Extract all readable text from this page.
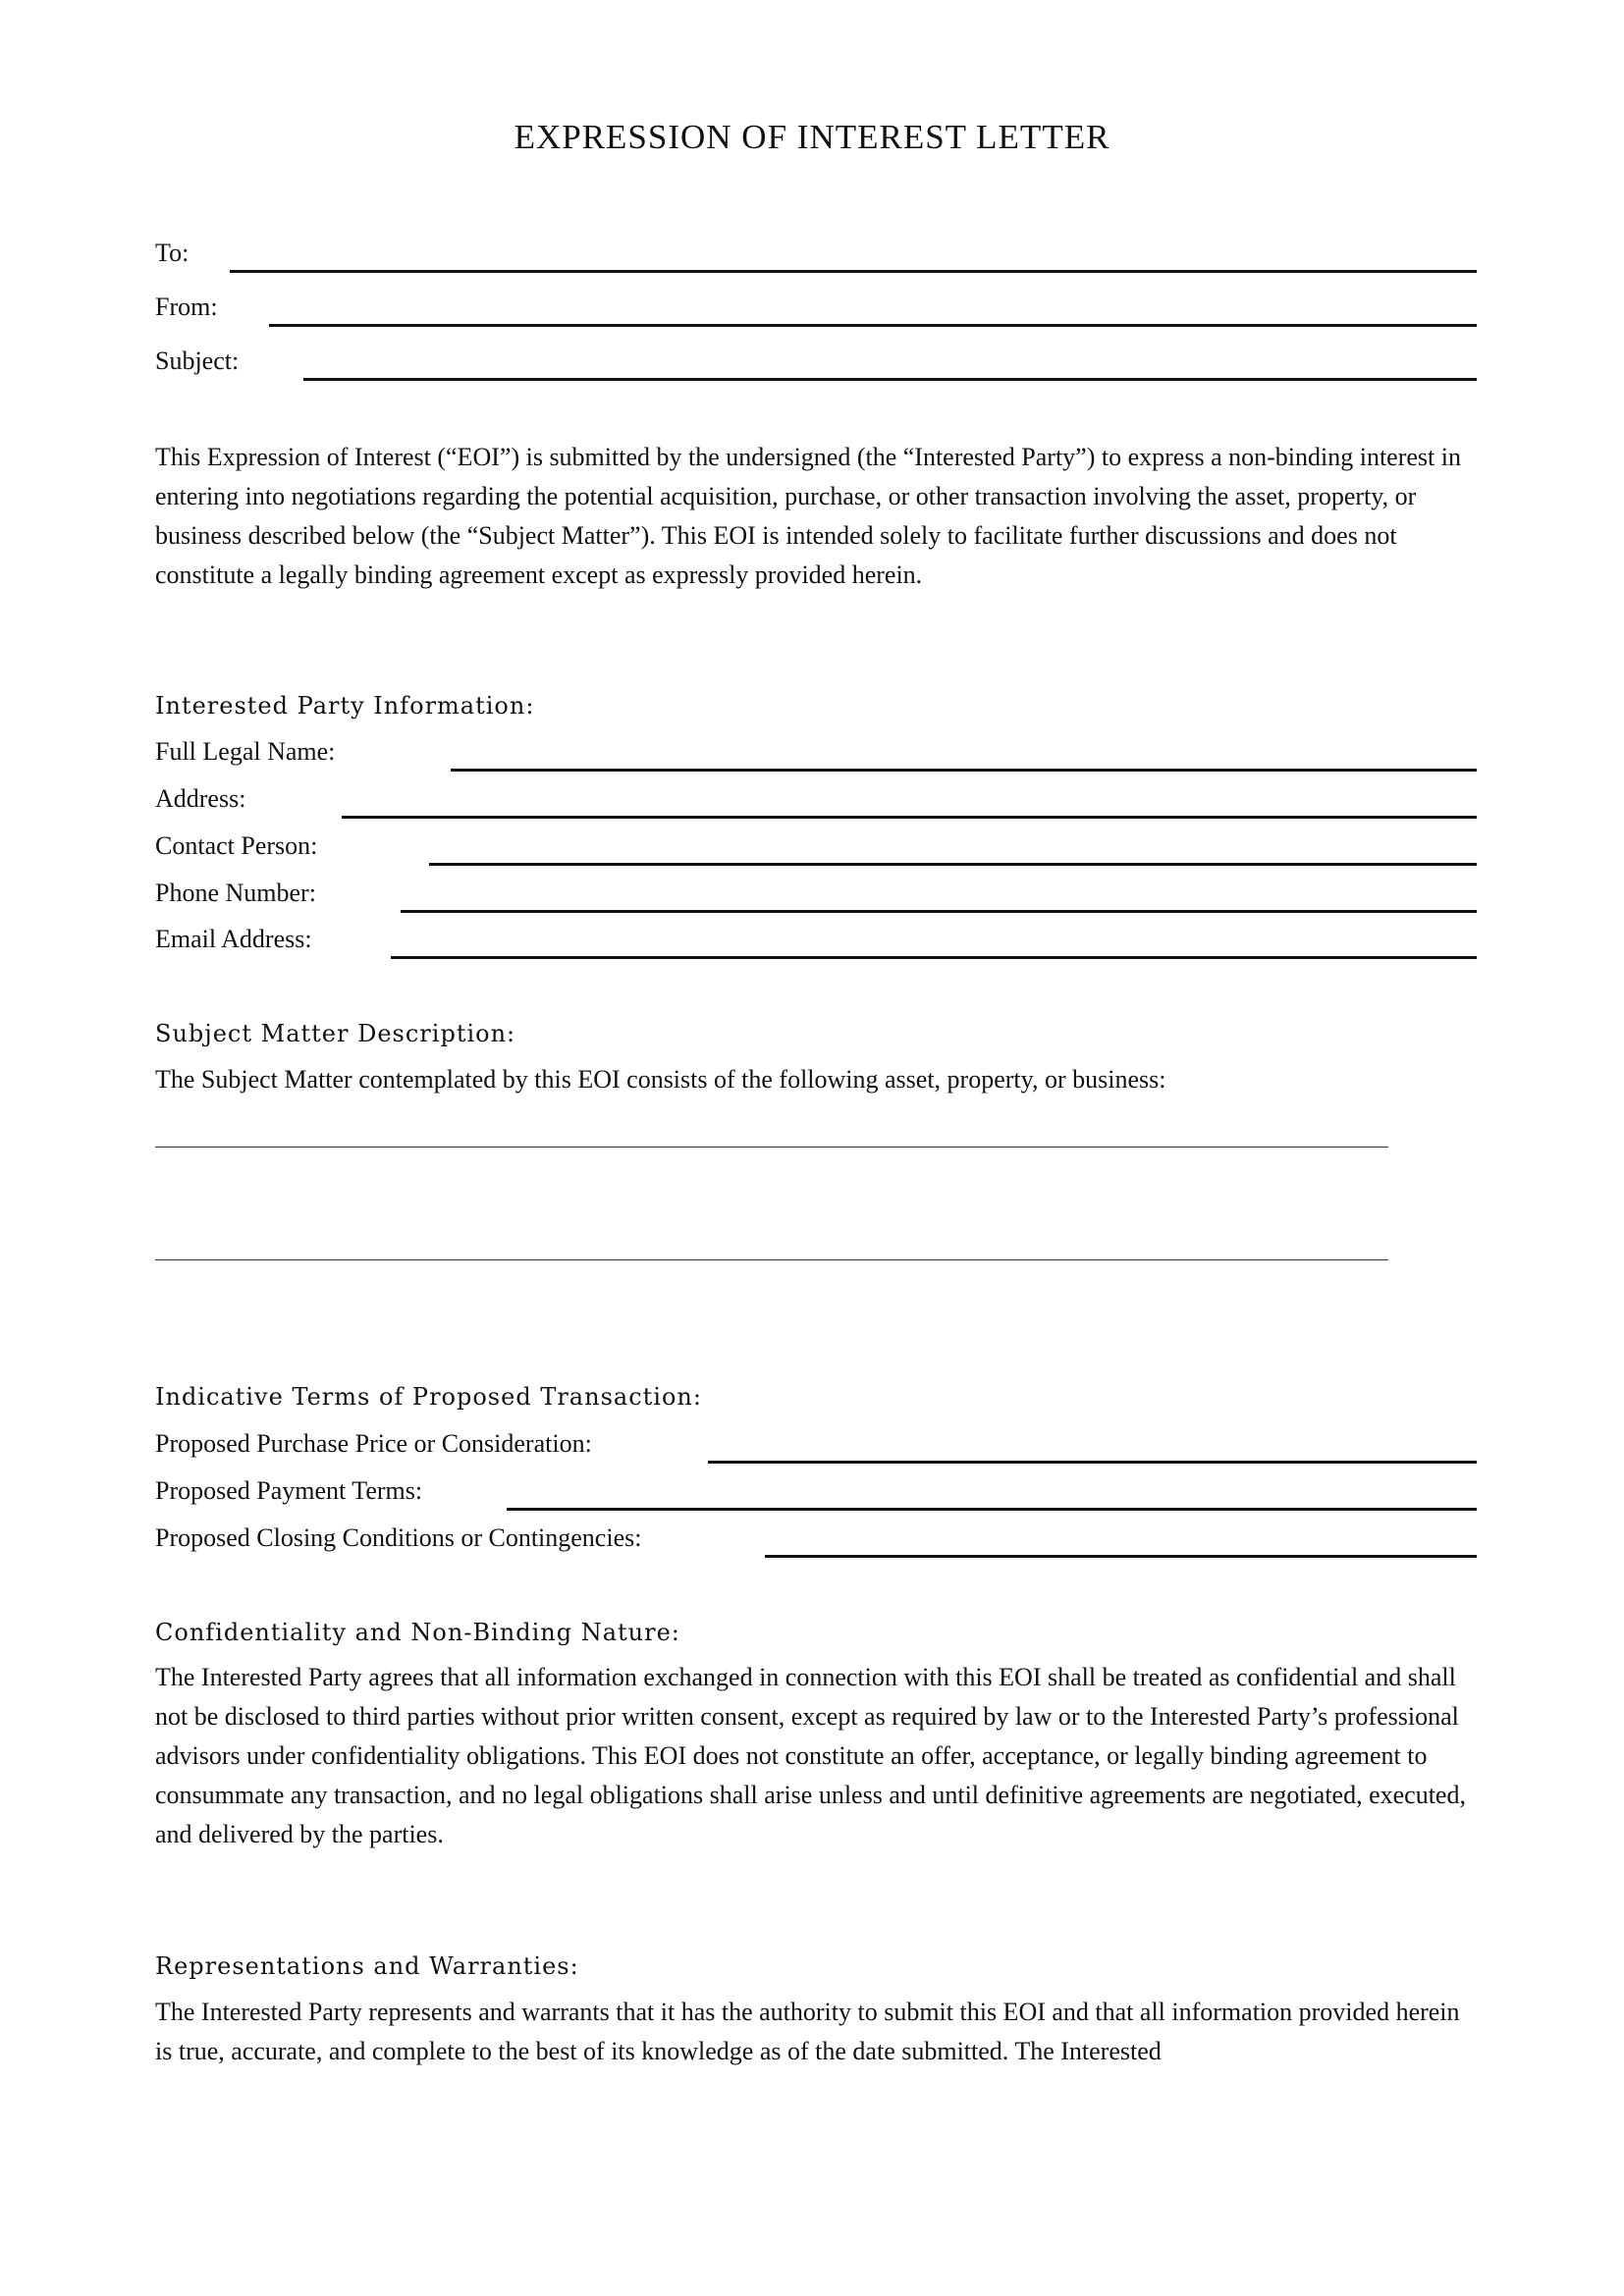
EXPRESSION OF INTEREST LETTER
To:
From:
Subject:
This Expression of Interest (“EOI”) is submitted by the undersigned (the “Interested Party”) to express a non-binding interest in entering into negotiations regarding the potential acquisition, purchase, or other transaction involving the asset, property, or business described below (the “Subject Matter”). This EOI is intended solely to facilitate further discussions and does not constitute a legally binding agreement except as expressly provided herein.
Interested Party Information:
Full Legal Name:
Address:
Contact Person:
Phone Number:
Email Address:
Subject Matter Description:
The Subject Matter contemplated by this EOI consists of the following asset, property, or business:
Indicative Terms of Proposed Transaction:
Proposed Purchase Price or Consideration:
Proposed Payment Terms:
Proposed Closing Conditions or Contingencies:
Confidentiality and Non-Binding Nature:
The Interested Party agrees that all information exchanged in connection with this EOI shall be treated as confidential and shall not be disclosed to third parties without prior written consent, except as required by law or to the Interested Party’s professional advisors under confidentiality obligations. This EOI does not constitute an offer, acceptance, or legally binding agreement to consummate any transaction, and no legal obligations shall arise unless and until definitive agreements are negotiated, executed, and delivered by the parties.
Representations and Warranties:
The Interested Party represents and warrants that it has the authority to submit this EOI and that all information provided herein is true, accurate, and complete to the best of its knowledge as of the date submitted. The Interested
